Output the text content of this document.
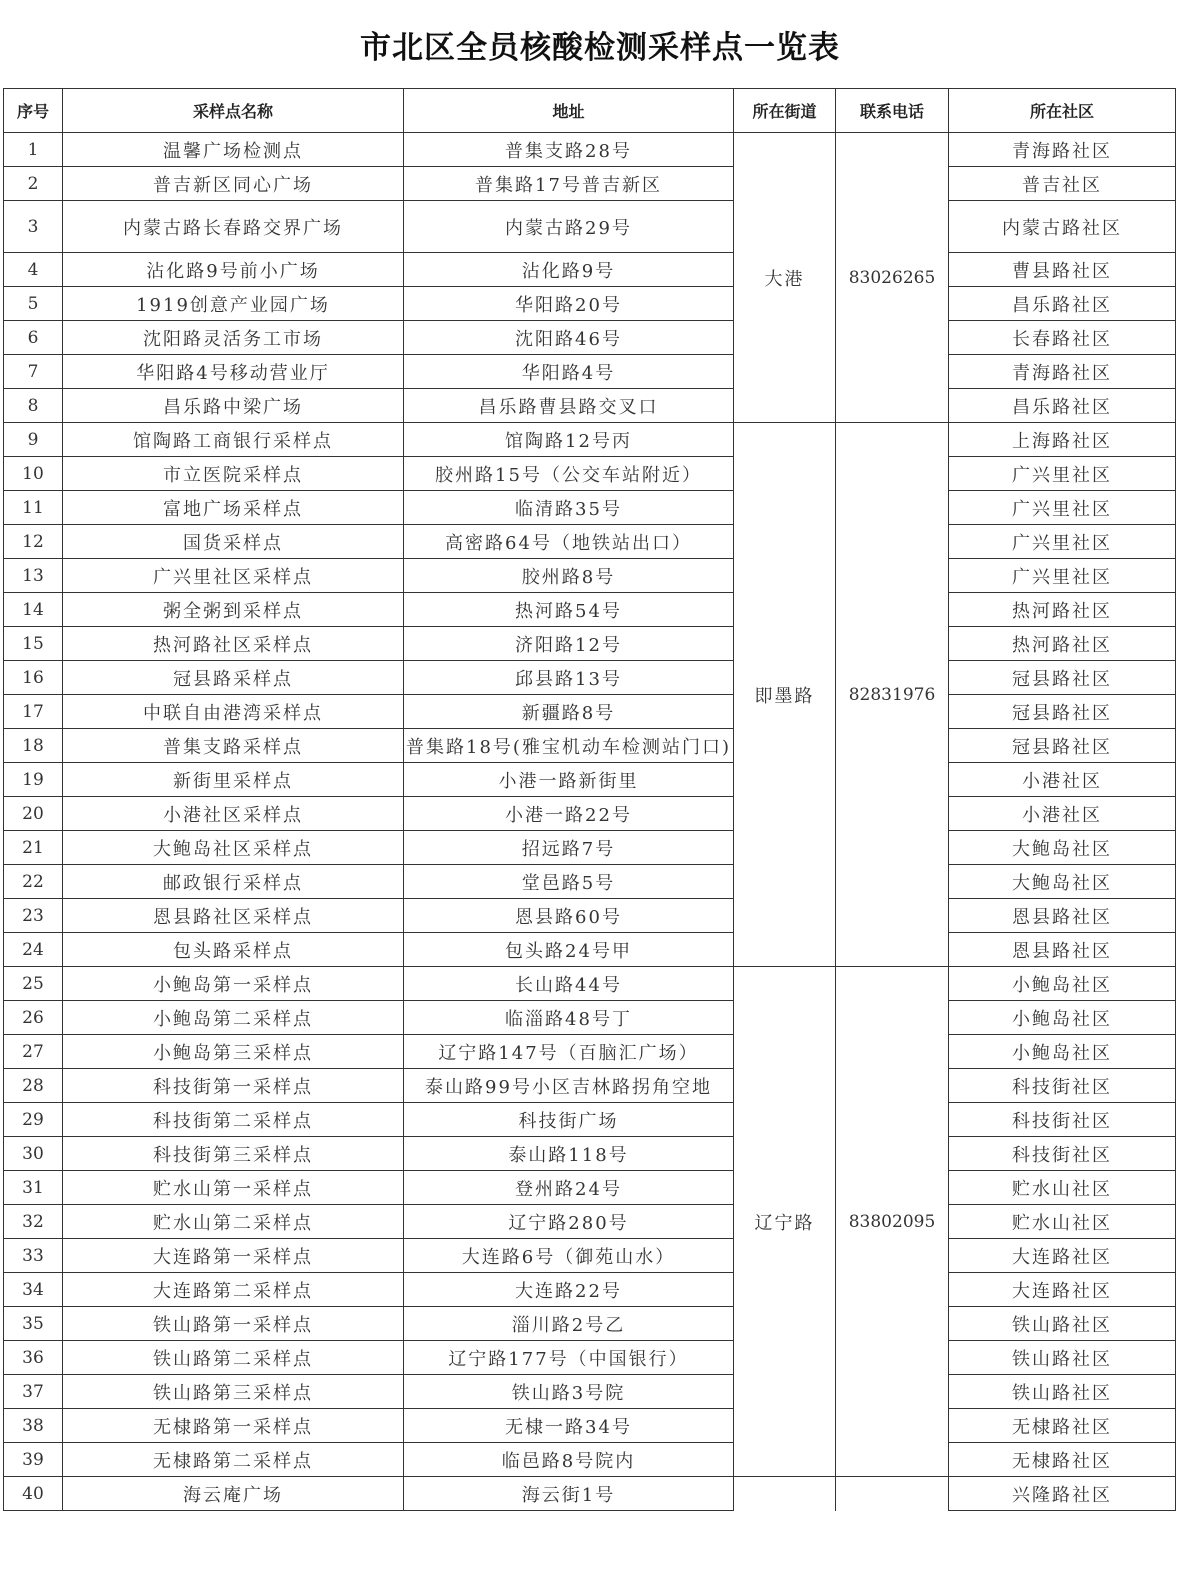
市北区全员核酸检测采样点一览表
序号	采样点名称	地址	所在街道	联系电话	所在社区
1	温馨广场检测点	普集支路28号	大港	83026265	青海路社区
2	普吉新区同心广场	普集路17号普吉新区			普吉社区
3	内蒙古路长春路交界广场	内蒙古路29号			内蒙古路社区
4	沾化路9号前小广场	沾化路9号			曹县路社区
5	1919创意产业园广场	华阳路20号			昌乐路社区
6	沈阳路灵活务工市场	沈阳路46号			长春路社区
7	华阳路4号移动营业厅	华阳路4号			青海路社区
8	昌乐路中梁广场	昌乐路曹县路交叉口			昌乐路社区
9	馆陶路工商银行采样点	馆陶路12号丙	即墨路	82831976	上海路社区
10	市立医院采样点	胶州路15号（公交车站附近）			广兴里社区
11	富地广场采样点	临清路35号			广兴里社区
12	国货采样点	高密路64号（地铁站出口）			广兴里社区
13	广兴里社区采样点	胶州路8号			广兴里社区
14	粥全粥到采样点	热河路54号			热河路社区
15	热河路社区采样点	济阳路12号			热河路社区
16	冠县路采样点	邱县路13号			冠县路社区
17	中联自由港湾采样点	新疆路8号			冠县路社区
18	普集支路采样点	普集路18号(雅宝机动车检测站门口)			冠县路社区
19	新街里采样点	小港一路新街里			小港社区
20	小港社区采样点	小港一路22号			小港社区
21	大鲍岛社区采样点	招远路7号			大鲍岛社区
22	邮政银行采样点	堂邑路5号			大鲍岛社区
23	恩县路社区采样点	恩县路60号			恩县路社区
24	包头路采样点	包头路24号甲			恩县路社区
25	小鲍岛第一采样点	长山路44号	辽宁路	83802095	小鲍岛社区
26	小鲍岛第二采样点	临淄路48号丁			小鲍岛社区
27	小鲍岛第三采样点	辽宁路147号（百脑汇广场）			小鲍岛社区
28	科技街第一采样点	泰山路99号小区吉林路拐角空地			科技街社区
29	科技街第二采样点	科技街广场			科技街社区
30	科技街第三采样点	泰山路118号			科技街社区
31	贮水山第一采样点	登州路24号			贮水山社区
32	贮水山第二采样点	辽宁路280号			贮水山社区
33	大连路第一采样点	大连路6号（御苑山水）			大连路社区
34	大连路第二采样点	大连路22号			大连路社区
35	铁山路第一采样点	淄川路2号乙			铁山路社区
36	铁山路第二采样点	辽宁路177号（中国银行）			铁山路社区
37	铁山路第三采样点	铁山路3号院			铁山路社区
38	无棣路第一采样点	无棣一路34号			无棣路社区
39	无棣路第二采样点	临邑路8号院内			无棣路社区
40	海云庵广场	海云街1号			兴隆路社区
